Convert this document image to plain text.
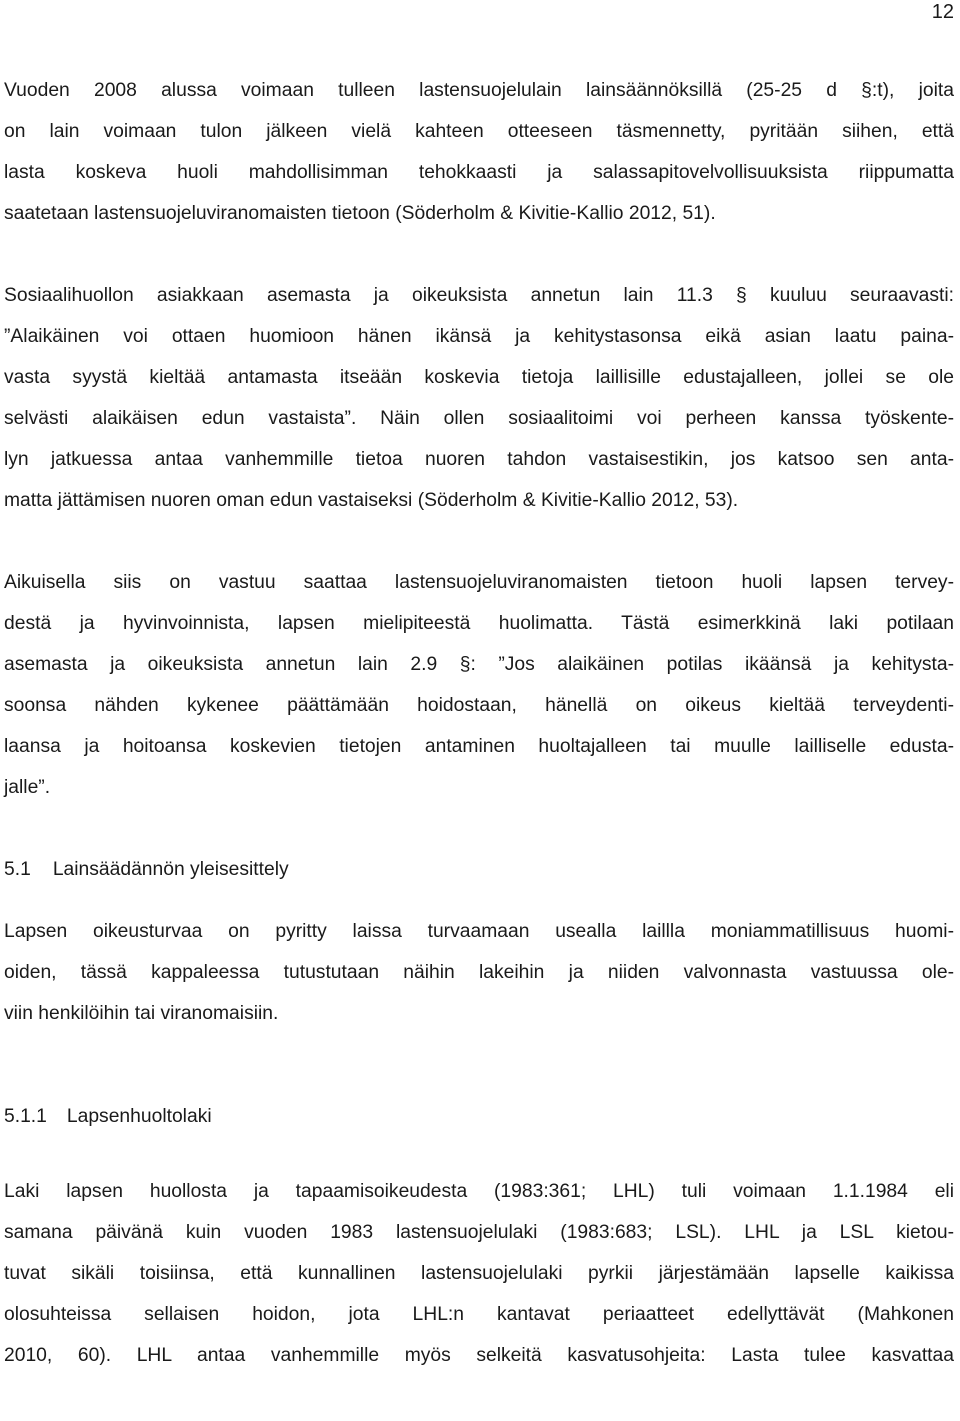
12
Vuoden 2008 alussa voimaan tulleen lastensuojelulain lainsäännöksillä (25-25 d §:t), joita
on lain voimaan tulon jälkeen vielä kahteen otteeseen täsmennetty, pyritään siihen, että
lasta koskeva huoli mahdollisimman tehokkaasti ja salassapitovelvollisuuksista riippumatta
saatetaan lastensuojeluviranomaisten tietoon (Söderholm & Kivitie-Kallio 2012, 51).
Sosiaalihuollon asiakkaan asemasta ja oikeuksista annetun lain 11.3 § kuuluu seuraavasti:
”Alaikäinen voi ottaen huomioon hänen ikänsä ja kehitystasonsa eikä asian laatu paina-
vasta syystä kieltää antamasta itseään koskevia tietoja laillisille edustajalleen, jollei se ole
selvästi alaikäisen edun vastaista”. Näin ollen sosiaalitoimi voi perheen kanssa työskente-
lyn jatkuessa antaa vanhemmille tietoa nuoren tahdon vastaisestikin, jos katsoo sen anta-
matta jättämisen nuoren oman edun vastaiseksi (Söderholm & Kivitie-Kallio 2012, 53).
Aikuisella siis on vastuu saattaa lastensuojeluviranomaisten tietoon huoli lapsen tervey-
destä ja hyvinvoinnista, lapsen mielipiteestä huolimatta. Tästä esimerkkinä laki potilaan
asemasta ja oikeuksista annetun lain 2.9 §: ”Jos alaikäinen potilas ikäänsä ja kehitysta-
soonsa nähden kykenee päättämään hoidostaan, hänellä on oikeus kieltää terveydenti-
laansa ja hoitoansa koskevien tietojen antaminen huoltajalleen tai muulle lailliselle edusta-
jalle”.
5.1 Lainsäädännön yleisesittely
Lapsen oikeusturvaa on pyritty laissa turvaamaan usealla laillla moniammatillisuus huomi-
oiden, tässä kappaleessa tutustutaan näihin lakeihin ja niiden valvonnasta vastuussa ole-
viin henkilöihin tai viranomaisiin.
5.1.1 Lapsenhuoltolaki
Laki lapsen huollosta ja tapaamisoikeudesta (1983:361; LHL) tuli voimaan 1.1.1984 eli
samana päivänä kuin vuoden 1983 lastensuojelulaki (1983:683; LSL). LHL ja LSL kietou-
tuvat sikäli toisiinsa, että kunnallinen lastensuojelulaki pyrkii järjestämään lapselle kaikissa
olosuhteissa sellaisen hoidon, jota LHL:n kantavat periaatteet edellyttävät (Mahkonen
2010, 60). LHL antaa vanhemmille myös selkeitä kasvatusohjeita: Lasta tulee kasvattaa
